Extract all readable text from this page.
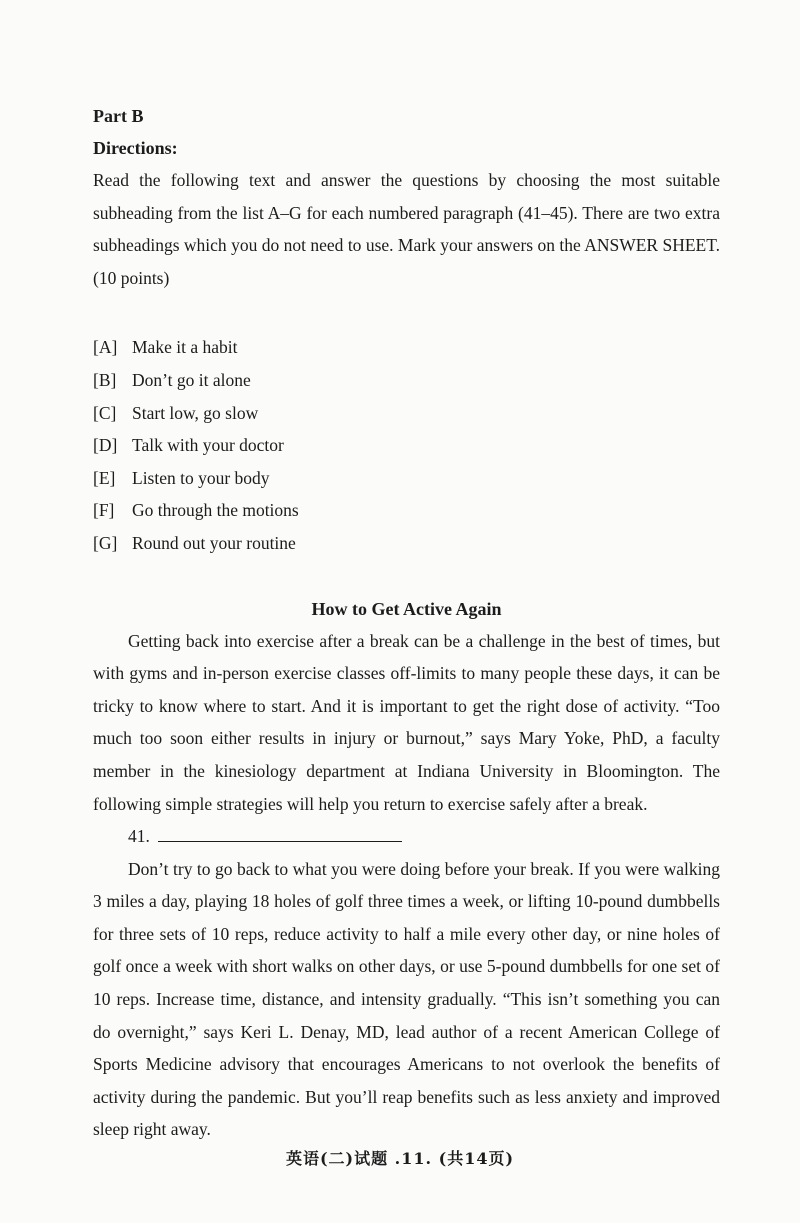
Part B

Directions:

Read the following text and answer the questions by choosing the most suitable subheading from the list A–G for each numbered paragraph (41–45). There are two extra subheadings which you do not need to use. Mark your answers on the ANSWER SHEET. (10 points)

[A] Make it a habit
[B] Don’t go it alone
[C] Start low, go slow
[D] Talk with your doctor
[E] Listen to your body
[F]	Go through the motions
[G] Round out your routine

How to Get Active Again

Getting back into exercise after a break can be a challenge in the best of times, but with gyms and in-person exercise classes off-limits to many people these days, it can be tricky to know where to start. And it is important to get the right dose of activity. “Too much too soon either results in injury or burnout,” says Mary Yoke, PhD, a faculty member in the kinesiology department at Indiana University in Bloomington. The following simple strategies will help you return to exercise safely after a break.

41.

Don’t try to go back to what you were doing before your break. If you were walking 3 miles a day, playing 18 holes of golf three times a week, or lifting 10-pound dumbbells for three sets of 10 reps, reduce activity to half a mile every other day, or nine holes of golf once a week with short walks on other days, or use 5-pound dumbbells for one set of 10 reps. Increase time, distance, and intensity gradually. “This isn’t something you can do overnight,” says Keri L. Denay, MD, lead author of a recent American College of Sports Medicine advisory that encourages Americans to not overlook the benefits of activity during the pandemic. But you’ll reap benefits such as less anxiety and improved sleep right away.

英语(二)试题 .11. (共14页)
